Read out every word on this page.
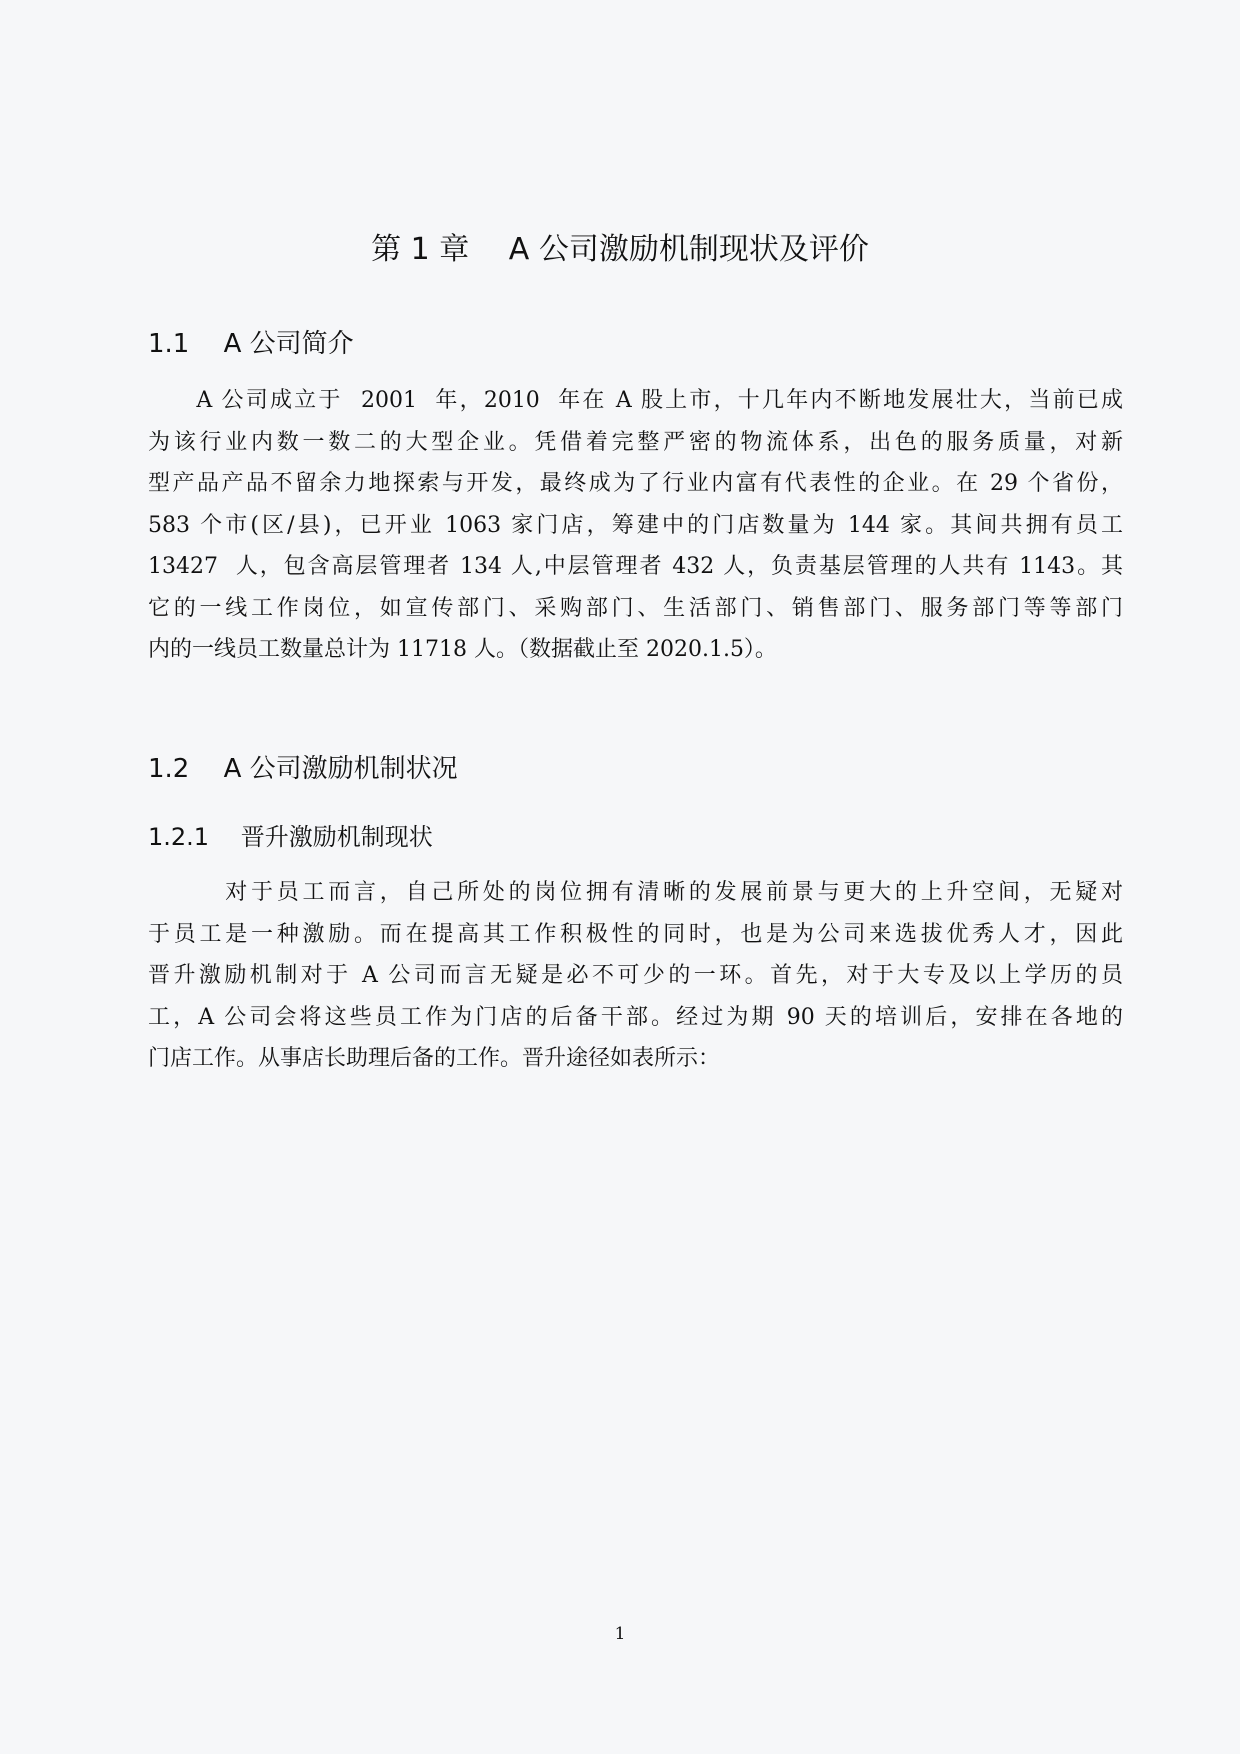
第 1 章　 A 公司激励机制现状及评价
1.1　 A 公司简介
　　A 公司成立于  2001  年，2010  年在 A 股上市，十几年内不断地发展壮大，当前已成
为该行业内数一数二的大型企业。凭借着完整严密的物流体系，出色的服务质量，对新
型产品产品不留余力地探索与开发，最终成为了行业内富有代表性的企业。在 29 个省份，
583 个市(区/县)，已开业 1063 家门店，筹建中的门店数量为 144 家。其间共拥有员工
13427  人，包含高层管理者 134 人,中层管理者 432 人，负责基层管理的人共有 1143。其
它的一线工作岗位，如宣传部门、采购部门、生活部门、销售部门、服务部门等等部门
内的一线员工数量总计为 11718 人。（数据截止至 2020.1.5）。
1.2　 A 公司激励机制状况
1.2.1　 晋升激励机制现状
　　　对于员工而言，自己所处的岗位拥有清晰的发展前景与更大的上升空间，无疑对
于员工是一种激励。而在提高其工作积极性的同时，也是为公司来选拔优秀人才，因此
晋升激励机制对于 A 公司而言无疑是必不可少的一环。首先，对于大专及以上学历的员
工，A 公司会将这些员工作为门店的后备干部。经过为期 90 天的培训后，安排在各地的
门店工作。从事店长助理后备的工作。晋升途径如表所示：
1
